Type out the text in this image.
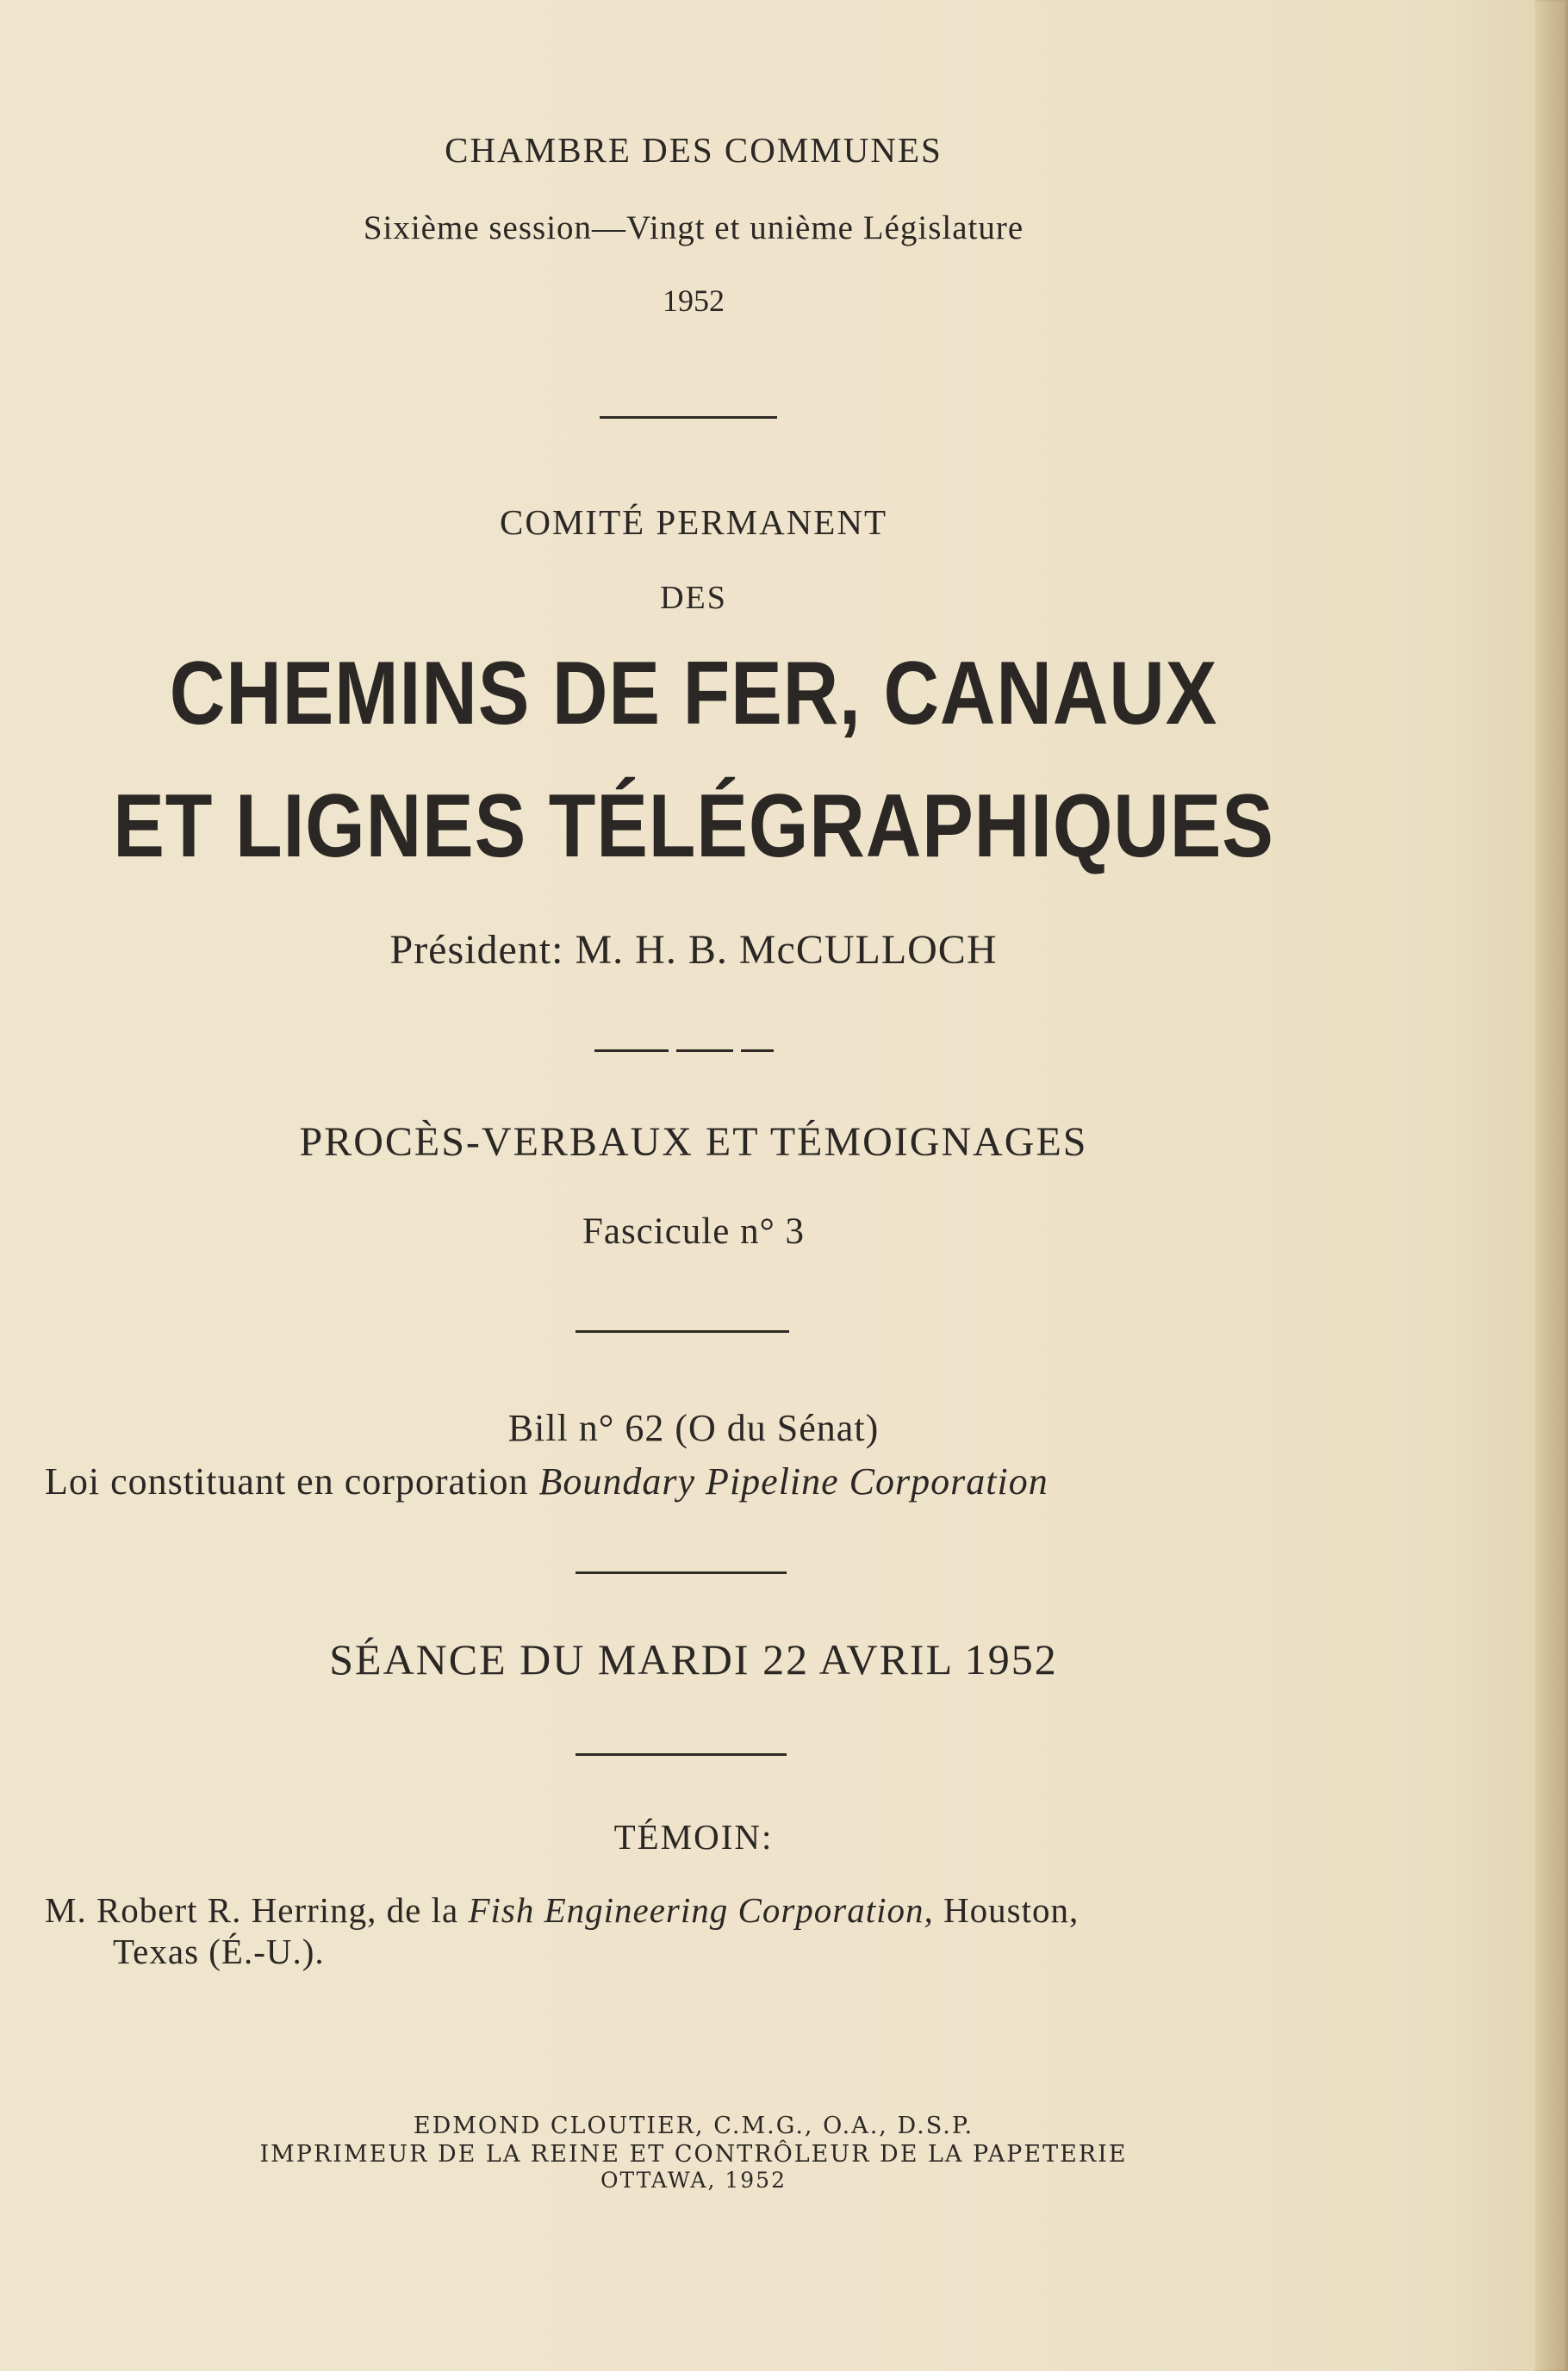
CHAMBRE DES COMMUNES
Sixième session—Vingt et unième Législature
1952
COMITÉ PERMANENT
DES
CHEMINS DE FER, CANAUX
ET LIGNES TÉLÉGRAPHIQUES
Président: M. H. B. McCULLOCH
PROCÈS-VERBAUX ET TÉMOIGNAGES
Fascicule n° 3
Bill n° 62 (O du Sénat)
Loi constituant en corporation Boundary Pipeline Corporation
SÉANCE DU MARDI 22 AVRIL 1952
TÉMOIN:
M. Robert R. Herring, de la Fish Engineering Corporation, Houston,
Texas (É.-U.).
EDMOND CLOUTIER, C.M.G., O.A., D.S.P.
IMPRIMEUR DE LA REINE ET CONTRÔLEUR DE LA PAPETERIE
OTTAWA, 1952
